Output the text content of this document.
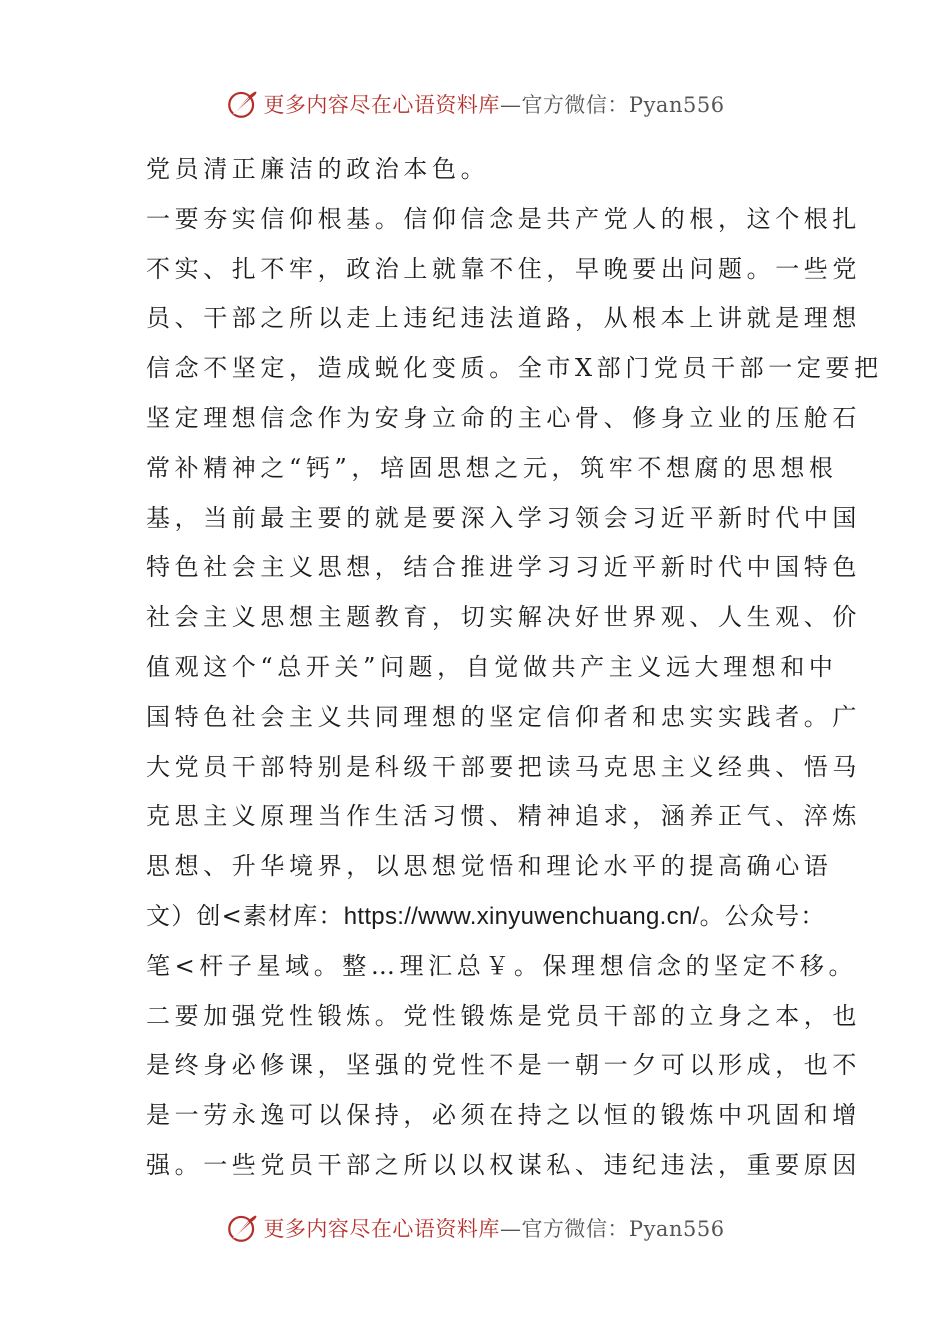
更多内容尽在心语资料库—官方微信：Pyan556
党员清正廉洁的政治本色。
一要夯实信仰根基。信仰信念是共产党人的根，这个根扎
不实、扎不牢，政治上就靠不住，早晚要出问题。一些党
员、干部之所以走上违纪违法道路，从根本上讲就是理想
信念不坚定，造成蜕化变质。全市X部门党员干部一定要把
坚定理想信念作为安身立命的主心骨、修身立业的压舱石
常补精神之“钙”，培固思想之元，筑牢不想腐的思想根
基，当前最主要的就是要深入学习领会习近平新时代中国
特色社会主义思想，结合推进学习习近平新时代中国特色
社会主义思想主题教育，切实解决好世界观、人生观、价
值观这个“总开关”问题，自觉做共产主义远大理想和中
国特色社会主义共同理想的坚定信仰者和忠实实践者。广
大党员干部特别是科级干部要把读马克思主义经典、悟马
克思主义原理当作生活习惯、精神追求，涵养正气、淬炼
思想、升华境界，以思想觉悟和理论水平的提高确心语
文）创<素材库：https://www.xinyuwenchuang.cn/。公众号：
笔<杆子星域。整…理汇总￥。保理想信念的坚定不移。
二要加强党性锻炼。党性锻炼是党员干部的立身之本，也
是终身必修课，坚强的党性不是一朝一夕可以形成，也不
是一劳永逸可以保持，必须在持之以恒的锻炼中巩固和增
强。一些党员干部之所以以权谋私、违纪违法，重要原因
更多内容尽在心语资料库—官方微信：Pyan556
